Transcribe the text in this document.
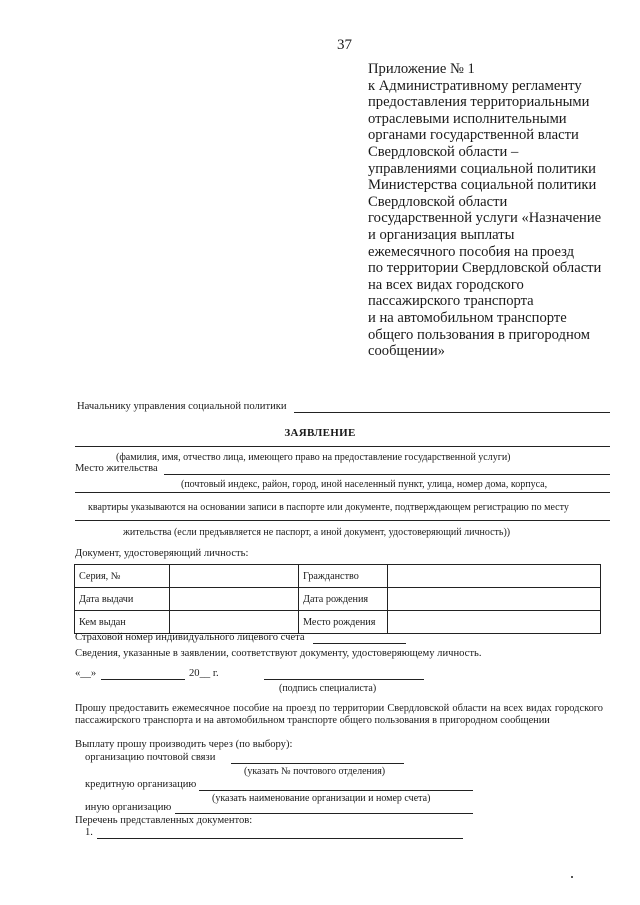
37
Приложение № 1
к Административному регламенту
предоставления территориальными
отраслевыми исполнительными
органами государственной власти
Свердловской области –
управлениями социальной политики
Министерства социальной политики
Свердловской области
государственной услуги «Назначение
и организация выплаты
ежемесячного пособия на проезд
по территории Свердловской области
на всех видах городского
пассажирского транспорта
и на автомобильном транспорте
общего пользования в пригородном
сообщении»
Начальнику управления социальной политики
ЗАЯВЛЕНИЕ
(фамилия, имя, отчество лица, имеющего право на предоставление государственной услуги)
Место жительства
(почтовый индекс, район, город, иной населенный пункт, улица, номер дома, корпуса,
квартиры указываются на основании записи в паспорте или документе, подтверждающем регистрацию по месту
жительства (если предъявляется не паспорт, а иной документ, удостоверяющий личность))
Документ, удостоверяющий личность:
Серия, №		Гражданство	
Дата выдачи		Дата рождения	
Кем выдан		Место рождения	
Страховой номер индивидуального лицевого счета
Сведения, указанные в заявлении, соответствуют документу, удостоверяющему личность.
«__»	20__ г.
(подпись специалиста)
Прошу предоставить ежемесячное пособие на проезд по территории Свердловской области на всех видах городского пассажирского транспорта и на автомобильном транспорте общего пользования в пригородном сообщении
Выплату прошу производить через (по выбору):
организацию почтовой связи
(указать № почтового отделения)
кредитную организацию
(указать наименование организации и номер счета)
иную организацию
Перечень представленных документов:
1.
